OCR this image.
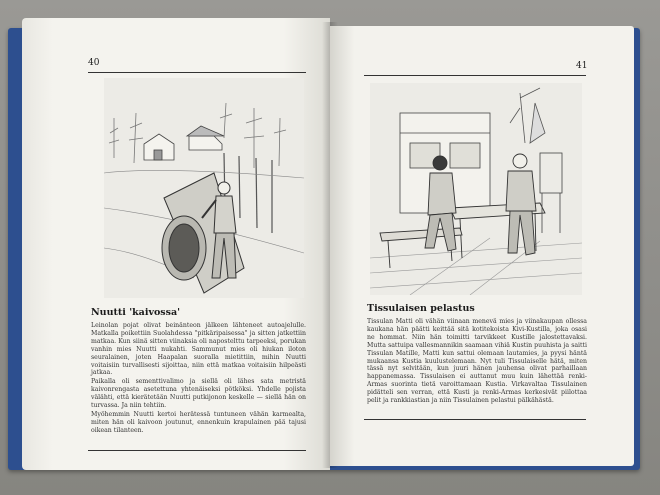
40
Nuutti 'kaivossa'

Leinolan pojat olivat beinänteon jälkeen lähteneet autoajelulle. Matkalla poikettiin Suolahdessa "pitkäripaisessa" ja sitten jatkettiin matkaa. Kun siinä sitten viinaksia oli napostelttu tarpeeksi, porukan vanhin mies Nuutti nukahti. Sammunut mies oli hiukan iloton seuralainen, joten Haapalan suoralla mietittiin, mihin Nuutti voitaisiin turvallisesti sijoittaa, niin että matkaa voitaisiin hilpeästi jatkaa.

Paikalla oli sementtivalimo ja siellä oli lähes sata metristä kaivonrengasta asetettuna yhtenäiseksi pötköksi. Yhdelle pojista välähti, että kierätetään Nuutti putkijonon keskelle — siellä hän on turvassa. Ja niin tehtiin.

Myöhemmin Nuutti kertoi herätessä tuntuneen vähän karmealta, miten hän oli kaivoon joutunut, ennenkuin krapulainen pää tajusi oikean tilanteen.

41
Tissulaisen pelastus

Tissulan Matti oli vähän viinaan menevä mies ja viinakaupan ollessa kaukana hän päätti keittää sitä kotitekoista Kivi-Kustilla, joka osasi ne hommat. Niin hän toimitti tarvikkeet Kustille jalostettavaksi. Mutta sattuipa vallesmannikin saamaan vihiä Kustin puuhista ja saitti Tissulan Matille, Matti kun sattui olemaan lautamies, ja pyysi häntä mukaansa Kustia kuulustelemaan. Nyt tuli Tissulaiselle hätä, miten tässä nyt selvitään, kun juuri hänen jauhensa olivat parhaillaan happanemassa. Tissulaisen ei auttanut muu kuin lähettää renki-Armas suorinta tietä varoittamaan Kustia. Virkavaltaa Tissulainen pidätteli sen verran, että Kusti ja renki-Armas kerkesivät piilottaa pelit ja rankkiastian ja niin Tissulainen pelastui pälkähästä.
